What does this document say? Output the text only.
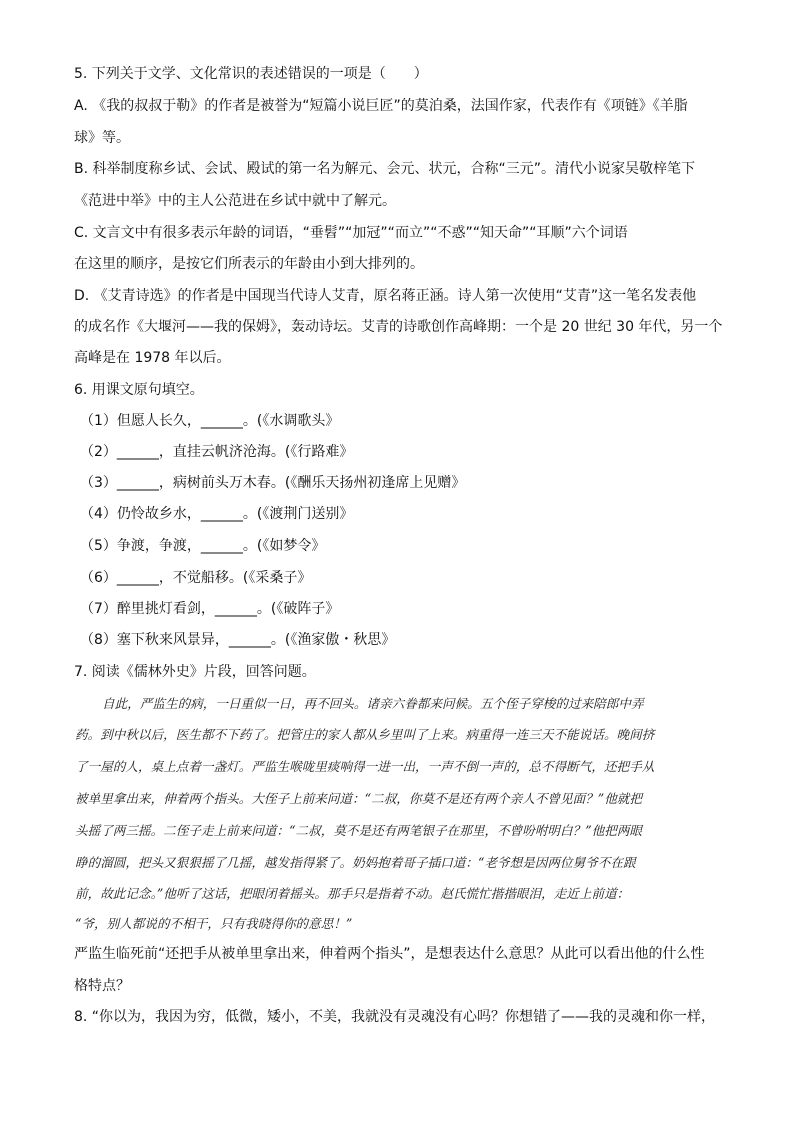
5. 下列关于文学、文化常识的表述错误的一项是（　　）
A. 《我的叔叔于勒》的作者是被誉为“短篇小说巨匠”的莫泊桑，法国作家，代表作有《项链》《羊脂
球》等。
B. 科举制度称乡试、会试、殿试的第一名为解元、会元、状元，合称“三元”。清代小说家吴敬梓笔下
《范进中举》中的主人公范进在乡试中就中了解元。
C. 文言文中有很多表示年龄的词语，“垂髫”“加冠”“而立”“不惑”“知天命”“耳顺”六个词语
在这里的顺序，是按它们所表示的年龄由小到大排列的。
D. 《艾青诗选》的作者是中国现当代诗人艾青，原名蒋正涵。诗人第一次使用“艾青”这一笔名发表他
的成名作《大堰河——我的保姆》，轰动诗坛。艾青的诗歌创作高峰期：一个是 20 世纪 30 年代，另一个
高峰是在 1978 年以后。
6. 用课文原句填空。
（1）但愿人长久，______。(《水调歌头》
（2）______，直挂云帆济沧海。(《行路难》
（3）______，病树前头万木春。(《酬乐天扬州初逢席上见赠》
（4）仍怜故乡水，______。(《渡荆门送别》
（5）争渡，争渡，______。(《如梦令》
（6）______，不觉船移。(《采桑子》
（7）醉里挑灯看剑，______。(《破阵子》
（8）塞下秋来风景异，______。(《渔家傲・秋思》
7. 阅读《儒林外史》片段，回答问题。
自此，严监生的病，一日重似一日，再不回头。诸亲六眷都来问候。五个侄子穿梭的过来陪郎中弄
药。到中秋以后，医生都不下药了。把管庄的家人都从乡里叫了上来。病重得一连三天不能说话。晚间挤
了一屋的人，桌上点着一盏灯。严监生喉咙里痰响得一进一出，一声不倒一声的，总不得断气，还把手从
被单里拿出来，伸着两个指头。大侄子上前来问道：“二叔，你莫不是还有两个亲人不曾见面？”他就把
头摇了两三摇。二侄子走上前来问道：“二叔，莫不是还有两笔银子在那里，不曾吩咐明白？”他把两眼
睁的溜圆，把头又狠狠摇了几摇，越发指得紧了。奶妈抱着哥子插口道：“老爷想是因两位舅爷不在跟
前，故此记念。”他听了这话，把眼闭着摇头。那手只是指着不动。赵氏慌忙揩揩眼泪，走近上前道：
“爷，别人都说的不相干，只有我晓得你的意思！”
严监生临死前“还把手从被单里拿出来，伸着两个指头”，是想表达什么意思？从此可以看出他的什么性
格特点？
8. “你以为，我因为穷，低微，矮小，不美，我就没有灵魂没有心吗？你想错了——我的灵魂和你一样，
